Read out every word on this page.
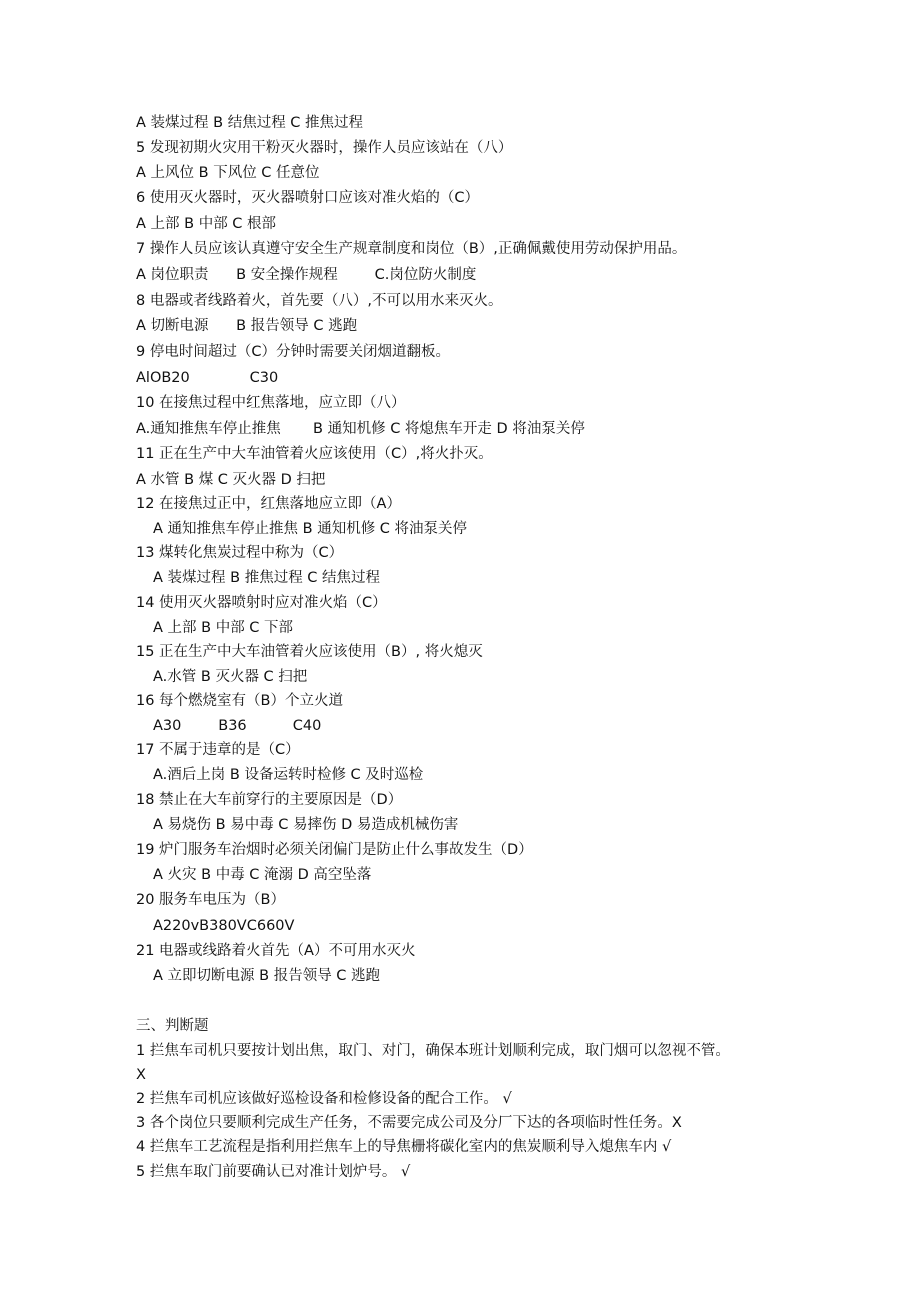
A 装煤过程 B 结焦过程 C 推焦过程
5 发现初期火灾用干粉灭火器时，操作人员应该站在（八）
A 上风位 B 下风位 C 任意位
6 使用灭火器时，灭火器喷射口应该对准火焰的（C）
A 上部 B 中部 C 根部
7 操作人员应该认真遵守安全生产规章制度和岗位（B）,正确佩戴使用劳动保护用品。
A 岗位职责      B 安全操作规程        C.岗位防火制度
8 电器或者线路着火，首先要（八）,不可以用水来灭火。
A 切断电源      B 报告领导 C 逃跑
9 停电时间超过（C）分钟时需要关闭烟道翻板。
AlOB20             C30
10 在接焦过程中红焦落地，应立即（八）
A.通知推焦车停止推焦       B 通知机修 C 将熄焦车开走 D 将油泵关停
11 正在生产中大车油管着火应该使用（C）,将火扑灭。
A 水管 B 煤 C 灭火器 D 扫把
12 在接焦过正中，红焦落地应立即（A）
A 通知推焦车停止推焦 B 通知机修 C 将油泵关停
13 煤转化焦炭过程中称为（C）
A 装煤过程 B 推焦过程 C 结焦过程
14 使用灭火器喷射时应对准火焰（C）
A 上部 B 中部 C 下部
15 正在生产中大车油管着火应该使用（B）, 将火熄灭
A.水管 B 灭火器 C 扫把
16 每个燃烧室有（B）个立火道
A30        B36          C40
17 不属于违章的是（C）
A.酒后上岗 B 设备运转时检修 C 及时巡检
18 禁止在大车前穿行的主要原因是（D）
A 易烧伤 B 易中毒 C 易摔伤 D 易造成机械伤害
19 炉门服务车治烟时必须关闭偏门是防止什么事故发生（D）
A 火灾 B 中毒 C 淹溺 D 高空坠落
20 服务车电压为（B）
A220vB380VC660V
21 电器或线路着火首先（A）不可用水灭火
A 立即切断电源 B 报告领导 C 逃跑
三、判断题
1 拦焦车司机只要按计划出焦，取门、对门，确保本班计划顺利完成，取门烟可以忽视不管。
X
2 拦焦车司机应该做好巡检设备和检修设备的配合工作。 √
3 各个岗位只要顺利完成生产任务，不需要完成公司及分厂下达的各项临时性任务。X
4 拦焦车工艺流程是指利用拦焦车上的导焦栅将碳化室内的焦炭顺利导入熄焦车内 √
5 拦焦车取门前要确认已对准计划炉号。 √
